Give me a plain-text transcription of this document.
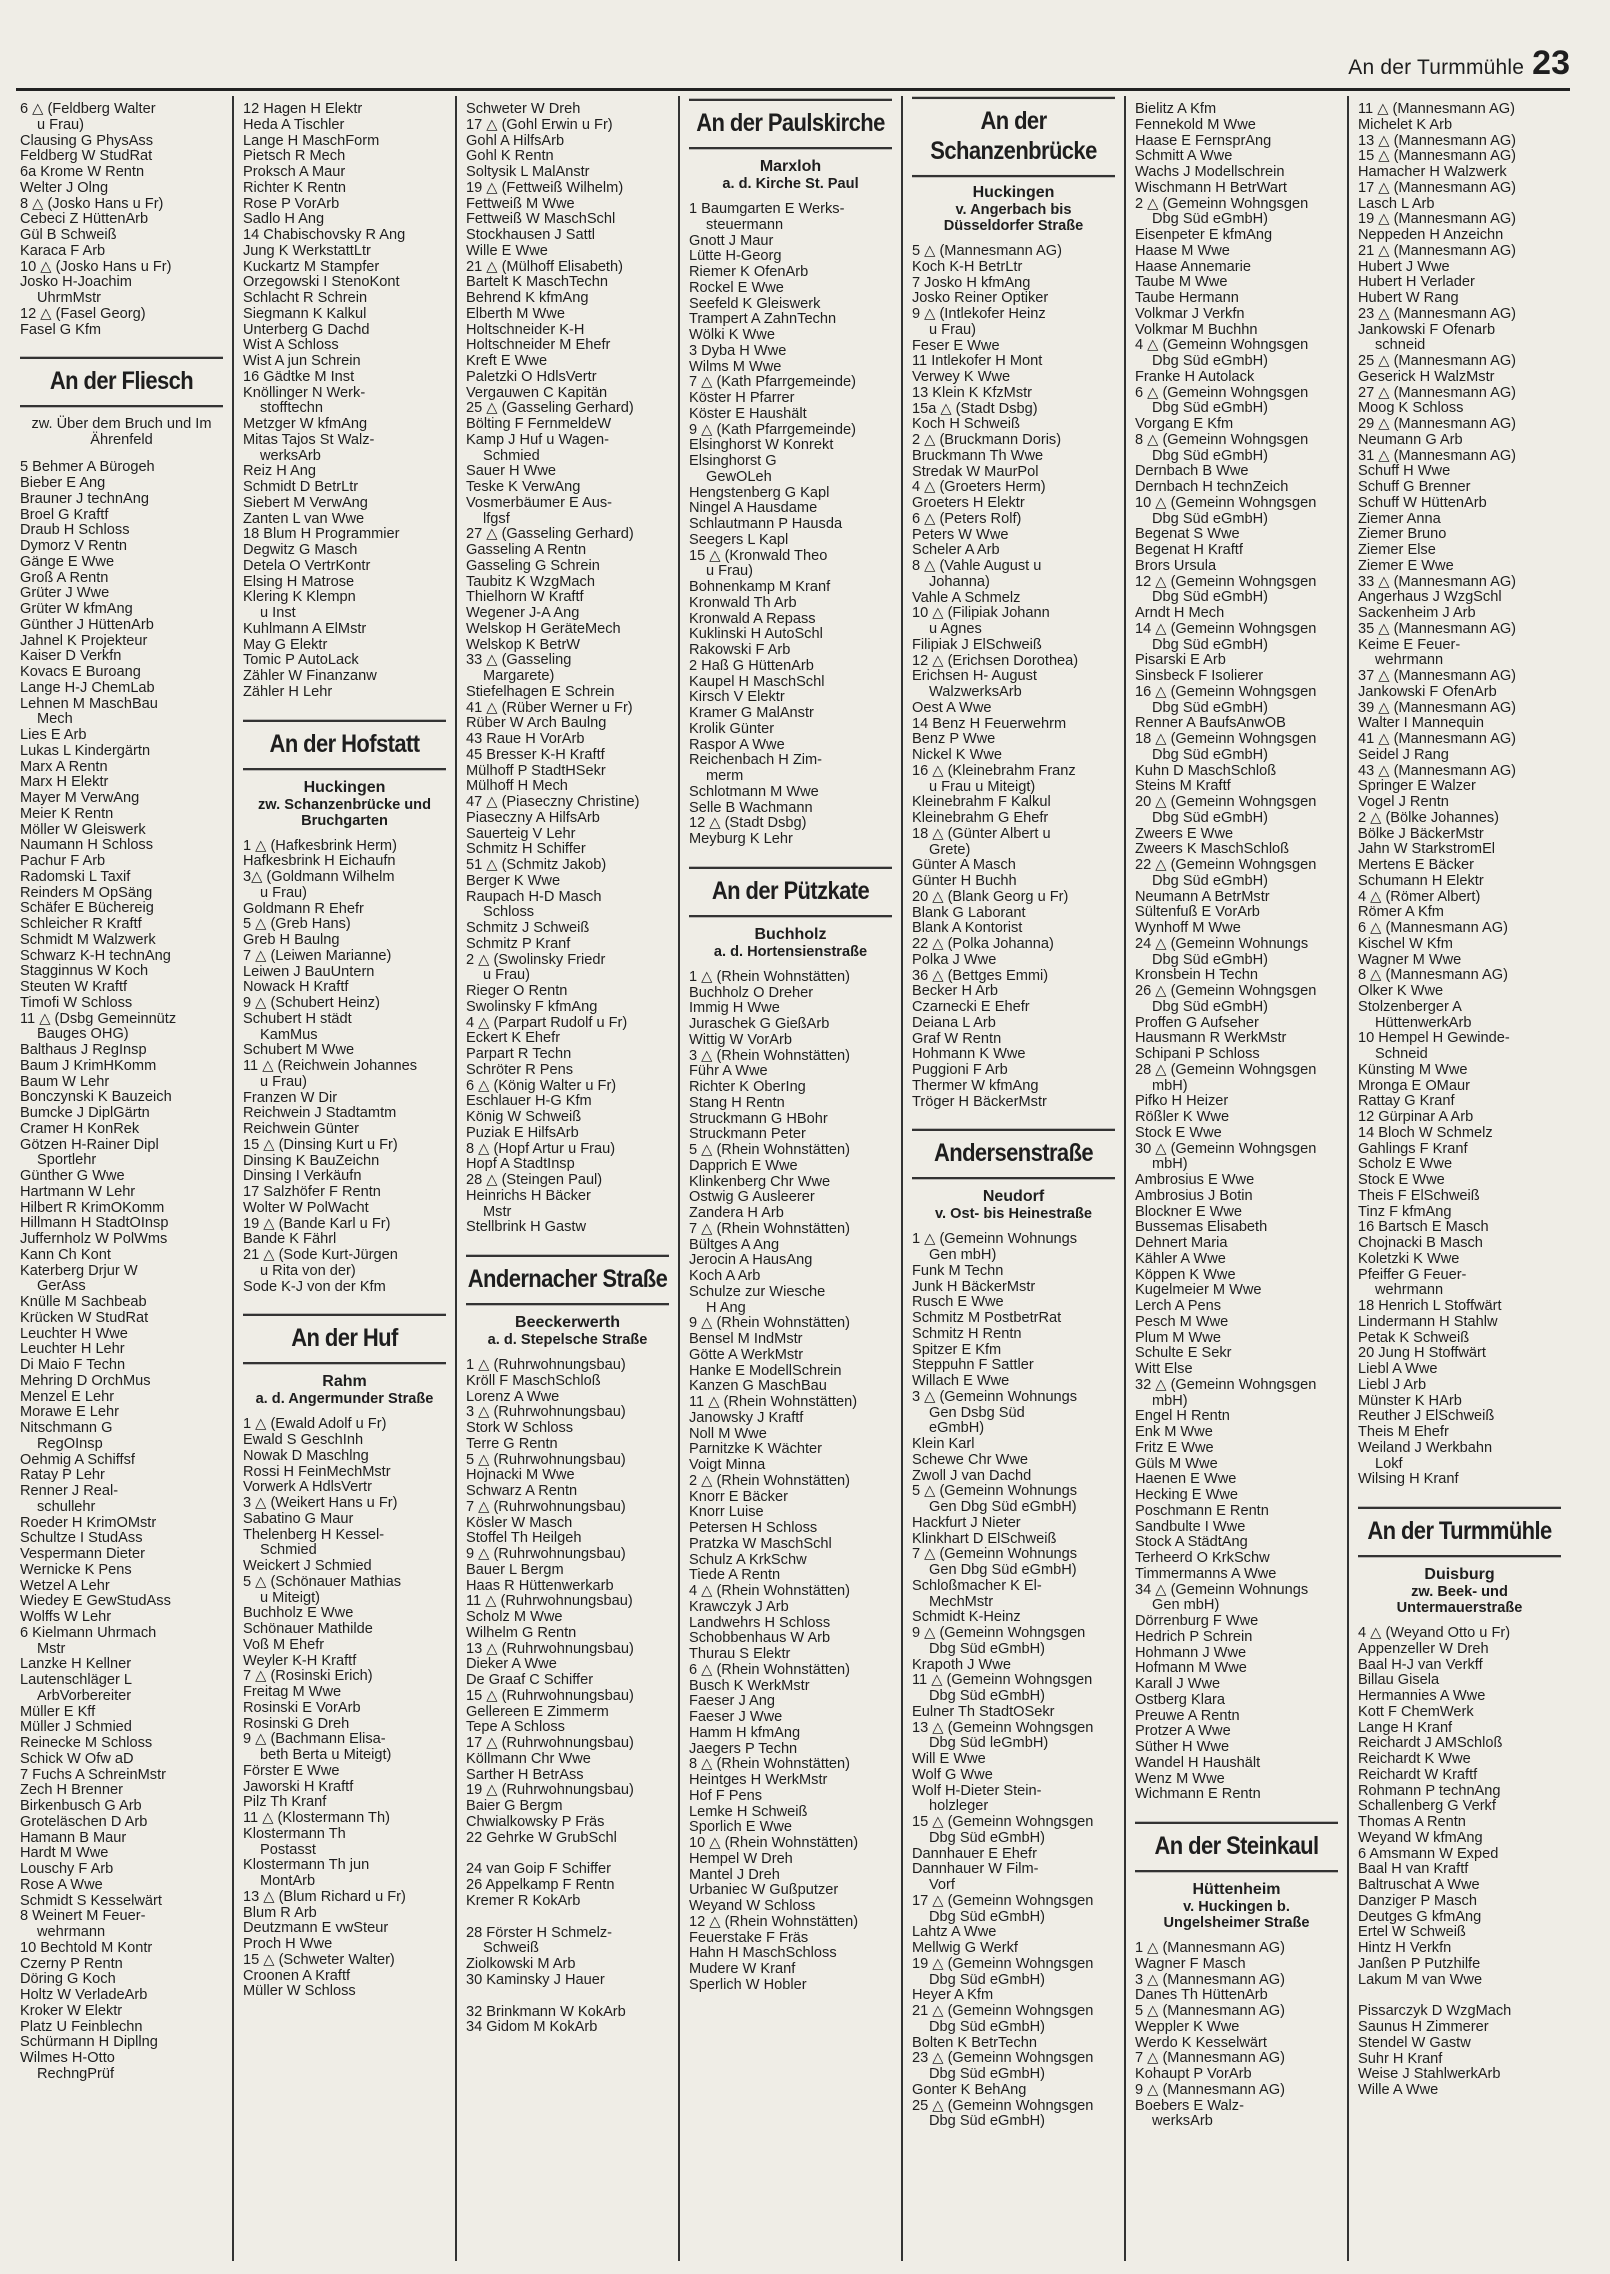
An der Turmmühle 23
6 △ (Feldberg Walter
u Frau)
Clausing G PhysAss
Feldberg W StudRat
6a Krome W Rentn
Welter J Olng
8 △ (Josko Hans u Fr)
Cebeci Z HüttenArb
Gül B Schweiß
Karaca F Arb
10 △ (Josko Hans u Fr)
Josko H-Joachim
UhrmMstr
12 △ (Fasel Georg)
Fasel G Kfm
An der Fliesch
zw. Über dem Bruch und Im Ährenfeld
5 Behmer A Bürogeh
Bieber E Ang
Brauner J technAng
Broel G Kraftf
Draub H Schloss
Dymorz V Rentn
Gänge E Wwe
Groß A Rentn
Grüter J Wwe
Grüter W kfmAng
Günther J HüttenArb
Jahnel K Projekteur
Kaiser D Verkfn
Kovacs E Buroang
Lange H-J ChemLab
Lehnen M MaschBau
Mech
Lies E Arb
Lukas L Kindergärtn
Marx A Rentn
Marx H Elektr
Mayer M VerwAng
Meier K Rentn
Möller W Gleiswerk
Naumann H Schloss
Pachur F Arb
Radomski L Taxif
Reinders M OpSäng
Schäfer E Büchereig
Schleicher R Kraftf
Schmidt M Walzwerk
Schwarz K-H technAng
Stagginnus W Koch
Steuten W Kraftf
Timofi W Schloss
11 △ (Dsbg Gemeinnütz
Bauges OHG)
Balthaus J RegInsp
Baum J KrimHKomm
Baum W Lehr
Bonczynski K Bauzeich
Bumcke J DiplGärtn
Cramer H KonRek
Götzen H-Rainer Dipl
Sportlehr
Günther G Wwe
Hartmann W Lehr
Hilbert R KrimOKomm
Hillmann H StadtOInsp
Juffernholz W PolWms
Kann Ch Kont
Katerberg Drjur W
GerAss
Knülle M Sachbeab
Krücken W StudRat
Leuchter H Wwe
Leuchter H Lehr
Di Maio F Techn
Mehring D OrchMus
Menzel E Lehr
Morawe E Lehr
Nitschmann G
RegOInsp
Oehmig A Schiffsf
Ratay P Lehr
Renner J Real-
schullehr
Roeder H KrimOMstr
Schultze I StudAss
Vespermann Dieter
Wernicke K Pens
Wetzel A Lehr
Wiedey E GewStudAss
Wolffs W Lehr
6 Kielmann Uhrmach
Mstr
Lanzke H Kellner
Lautenschläger L
ArbVorbereiter
Müller E Kff
Müller J Schmied
Reinecke M Schloss
Schick W Ofw aD
7 Fuchs A SchreinMstr
Zech H Brenner
Birkenbusch G Arb
Groteläschen D Arb
Hamann B Maur
Hardt M Wwe
Louschy F Arb
Rose A Wwe
Schmidt S Kesselwärt
8 Weinert M Feuer-
wehrmann
10 Bechtold M Kontr
Czerny P Rentn
Döring G Koch
Holtz W VerladeArb
Kroker W Elektr
Platz U Feinblechn
Schürmann H Dipllng
Wilmes H-Otto
RechngPrüf
12 Hagen H Elektr
Heda A Tischler
Lange H MaschForm
Pietsch R Mech
Proksch A Maur
Richter K Rentn
Rose P VorArb
Sadlo H Ang
14 Chabischovsky R Ang
Jung K WerkstattLtr
Kuckartz M Stampfer
Orzegowski I StenoKont
Schlacht R Schrein
Siegmann K Kalkul
Unterberg G Dachd
Wist A Schloss
Wist A jun Schrein
16 Gädtke M Inst
Knöllinger N Werk-
stofftechn
Metzger W kfmAng
Mitas Tajos St Walz-
werksArb
Reiz H Ang
Schmidt D BetrLtr
Siebert M VerwAng
Zanten L van Wwe
18 Blum H Programmier
Degwitz G Masch
Detela O VertrKontr
Elsing H Matrose
Klering K Klempn
u Inst
Kuhlmann A ElMstr
May G Elektr
Tomic P AutoLack
Zähler W Finanzanw
Zähler H Lehr
An der Hofstatt
Huckingen
zw. Schanzenbrücke und Bruchgarten
1 △ (Hafkesbrink Herm)
Hafkesbrink H Eichaufn
3△ (Goldmann Wilhelm
u Frau)
Goldmann R Ehefr
5 △ (Greb Hans)
Greb H Baulng
7 △ (Leiwen Marianne)
Leiwen J BauUntern
Nowack H Kraftf
9 △ (Schubert Heinz)
Schubert H städt
KamMus
Schubert M Wwe
11 △ (Reichwein Johannes
u Frau)
Franzen W Dir
Reichwein J Stadtamtm
Reichwein Günter
15 △ (Dinsing Kurt u Fr)
Dinsing K BauZeichn
Dinsing I Verkäufn
17 Salzhöfer F Rentn
Wolter W PolWacht
19 △ (Bande Karl u Fr)
Bande K Fährl
21 △ (Sode Kurt-Jürgen
u Rita von der)
Sode K-J von der Kfm
An der Huf
Rahm
a. d. Angermunder Straße
1 △ (Ewald Adolf u Fr)
Ewald S GeschInh
Nowak D Maschlng
Rossi H FeinMechMstr
Vorwerk A HdlsVertr
3 △ (Weikert Hans u Fr)
Sabatino G Maur
Thelenberg H Kessel-
Schmied
Weickert J Schmied
5 △ (Schönauer Mathias
u Miteigt)
Buchholz E Wwe
Schönauer Mathilde
Voß M Ehefr
Weyler K-H Kraftf
7 △ (Rosinski Erich)
Freitag M Wwe
Rosinski E VorArb
Rosinski G Dreh
9 △ (Bachmann Elisa-
beth Berta u Miteigt)
Förster E Wwe
Jaworski H Kraftf
Pilz Th Kranf
11 △ (Klostermann Th)
Klostermann Th
Postasst
Klostermann Th jun
MontArb
13 △ (Blum Richard u Fr)
Blum R Arb
Deutzmann E vwSteur
Proch H Wwe
15 △ (Schweter Walter)
Croonen A Kraftf
Müller W Schloss
Schweter W Dreh
17 △ (Gohl Erwin u Fr)
Gohl A HilfsArb
Gohl K Rentn
Soltysik L MalAnstr
19 △ (Fettweiß Wilhelm)
Fettweiß M Wwe
Fettweiß W MaschSchl
Stockhausen J Sattl
Wille E Wwe
21 △ (Mülhoff Elisabeth)
Bartelt K MaschTechn
Behrend K kfmAng
Elberth M Wwe
Holtschneider K-H
Holtschneider M Ehefr
Kreft E Wwe
Paletzki O HdlsVertr
Vergauwen C Kapitän
25 △ (Gasseling Gerhard)
Bölting F FernmeldeW
Kamp J Huf u Wagen-
Schmied
Sauer H Wwe
Teske K VerwAng
Vosmerbäumer E Aus-
lfgsf
27 △ (Gasseling Gerhard)
Gasseling A Rentn
Gasseling G Schrein
Taubitz K WzgMach
Thielhorn W Kraftf
Wegener J-A Ang
Welskop H GeräteMech
Welskop K BetrW
33 △ (Gasseling
Margarete)
Stiefelhagen E Schrein
41 △ (Rüber Werner u Fr)
Rüber W Arch Baulng
43 Raue H VorArb
45 Bresser K-H Kraftf
Mülhoff P StadtHSekr
Mülhoff H Mech
47 △ (Piaseczny Christine)
Piaseczny A HilfsArb
Sauerteig V Lehr
Schmitz H Schiffer
51 △ (Schmitz Jakob)
Berger K Wwe
Raupach H-D Masch
Schloss
Schmitz J Schweiß
Schmitz P Kranf
2 △ (Swolinsky Friedr
u Frau)
Rieger O Rentn
Swolinsky F kfmAng
4 △ (Parpart Rudolf u Fr)
Eckert K Ehefr
Parpart R Techn
Schröter R Pens
6 △ (König Walter u Fr)
Eschlauer H-G Kfm
König W Schweiß
Puziak E HilfsArb
8 △ (Hopf Artur u Frau)
Hopf A StadtInsp
28 △ (Steingen Paul)
Heinrichs H Bäcker
Mstr
Stellbrink H Gastw
Andernacher Straße
Beeckerwerth
a. d. Stepelsche Straße
1 △ (Ruhrwohnungsbau)
Kröll F MaschSchloß
Lorenz A Wwe
3 △ (Ruhrwohnungsbau)
Stork W Schloss
Terre G Rentn
5 △ (Ruhrwohnungsbau)
Hojnacki M Wwe
Schwarz A Rentn
7 △ (Ruhrwohnungsbau)
Kösler W Masch
Stoffel Th Heilgeh
9 △ (Ruhrwohnungsbau)
Bauer L Bergm
Haas R Hüttenwerkarb
11 △ (Ruhrwohnungsbau)
Scholz M Wwe
Wilhelm G Rentn
13 △ (Ruhrwohnungsbau)
Dieker A Wwe
De Graaf C Schiffer
15 △ (Ruhrwohnungsbau)
Gellereen E Zimmerm
Tepe A Schloss
17 △ (Ruhrwohnungsbau)
Köllmann Chr Wwe
Sarther H BetrAss
19 △ (Ruhrwohnungsbau)
Baier G Bergm
Chwialkowsky P Fräs
22 Gehrke W GrubSchl
24 van Goip F Schiffer
26 Appelkamp F Rentn
Kremer R KokArb
28 Förster H Schmelz-
Schweiß
Ziolkowski M Arb
30 Kaminsky J Hauer
32 Brinkmann W KokArb
34 Gidom M KokArb
An der Paulskirche
Marxloh
a. d. Kirche St. Paul
1 Baumgarten E Werks-
steuermann
Gnott J Maur
Lütte H-Georg
Riemer K OfenArb
Rockel E Wwe
Seefeld K Gleiswerk
Trampert A ZahnTechn
Wölki K Wwe
3 Dyba H Wwe
Wilms M Wwe
7 △ (Kath Pfarrgemeinde)
Köster H Pfarrer
Köster E Haushält
9 △ (Kath Pfarrgemeinde)
Elsinghorst W Konrekt
Elsinghorst G
GewOLeh
Hengstenberg G Kapl
Ningel A Hausdame
Schlautmann P Hausda
Seegers L Kapl
15 △ (Kronwald Theo
u Frau)
Bohnenkamp M Kranf
Kronwald Th Arb
Kronwald A Repass
Kuklinski H AutoSchl
Rakowski F Arb
2 Haß G HüttenArb
Kaupel H MaschSchl
Kirsch V Elektr
Kramer G MalAnstr
Krolik Günter
Raspor A Wwe
Reichenbach H Zim-
merm
Schlotmann M Wwe
Selle B Wachmann
12 △ (Stadt Dsbg)
Meyburg K Lehr
An der Pützkate
Buchholz
a. d. Hortensienstraße
1 △ (Rhein Wohnstätten)
Buchholz O Dreher
Immig H Wwe
Juraschek G GießArb
Wittig W VorArb
3 △ (Rhein Wohnstätten)
Führ A Wwe
Richter K OberIng
Stang H Rentn
Struckmann G HBohr
Struckmann Peter
5 △ (Rhein Wohnstätten)
Dapprich E Wwe
Klinkenberg Chr Wwe
Ostwig G Ausleerer
Zandera H Arb
7 △ (Rhein Wohnstätten)
Bültges A Ang
Jerocin A HausAng
Koch A Arb
Schulze zur Wiesche
H Ang
9 △ (Rhein Wohnstätten)
Bensel M IndMstr
Götte A WerkMstr
Hanke E ModellSchrein
Kanzen G MaschBau
11 △ (Rhein Wohnstätten)
Janowsky J Kraftf
Noll M Wwe
Parnitzke K Wächter
Voigt Minna
2 △ (Rhein Wohnstätten)
Knorr E Bäcker
Knorr Luise
Petersen H Schloss
Pratzka W MaschSchl
Schulz A KrkSchw
Tiede A Rentn
4 △ (Rhein Wohnstätten)
Krawczyk J Arb
Landwehrs H Schloss
Schobbenhaus W Arb
Thurau S Elektr
6 △ (Rhein Wohnstätten)
Busch K WerkMstr
Faeser J Ang
Faeser J Wwe
Hamm H kfmAng
Jaegers P Techn
8 △ (Rhein Wohnstätten)
Heintges H WerkMstr
Hof F Pens
Lemke H Schweiß
Sporlich E Wwe
10 △ (Rhein Wohnstätten)
Hempel W Dreh
Mantel J Dreh
Urbaniec W Gußputzer
Weyand W Schloss
12 △ (Rhein Wohnstätten)
Feuerstake F Fräs
Hahn H MaschSchloss
Mudere W Kranf
Sperlich W Hobler
An der Schanzenbrücke
Huckingen
v. Angerbach bis Düsseldorfer Straße
5 △ (Mannesmann AG)
Koch K-H BetrLtr
7 Josko H kfmAng
Josko Reiner Optiker
9 △ (Intlekofer Heinz
u Frau)
Feser E Wwe
11 Intlekofer H Mont
Verwey K Wwe
13 Klein K KfzMstr
15a △ (Stadt Dsbg)
Koch H Schweiß
2 △ (Bruckmann Doris)
Bruckmann Th Wwe
Stredak W MaurPol
4 △ (Groeters Herm)
Groeters H Elektr
6 △ (Peters Rolf)
Peters W Wwe
Scheler A Arb
8 △ (Vahle August u
Johanna)
Vahle A Schmelz
10 △ (Filipiak Johann
u Agnes
Filipiak J ElSchweiß
12 △ (Erichsen Dorothea)
Erichsen H- August
WalzwerksArb
Oest A Wwe
14 Benz H Feuerwehrm
Benz P Wwe
Nickel K Wwe
16 △ (Kleinebrahm Franz
u Frau u Miteigt)
Kleinebrahm F Kalkul
Kleinebrahm G Ehefr
18 △ (Günter Albert u
Grete)
Günter A Masch
Günter H Buchh
20 △ (Blank Georg u Fr)
Blank G Laborant
Blank A Kontorist
22 △ (Polka Johanna)
Polka J Wwe
36 △ (Bettges Emmi)
Becker H Arb
Czarnecki E Ehefr
Deiana L Arb
Graf W Rentn
Hohmann K Wwe
Puggioni F Arb
Thermer W kfmAng
Tröger H BäckerMstr
Andersenstraße
Neudorf
v. Ost- bis Heinestraße
1 △ (Gemeinn Wohnungs
Gen mbH)
Funk M Techn
Junk H BäckerMstr
Rusch E Wwe
Schmitz M PostbetrRat
Schmitz H Rentn
Spitzer E Kfm
Steppuhn F Sattler
Willach E Wwe
3 △ (Gemeinn Wohnungs
Gen Dsbg Süd
eGmbH)
Klein Karl
Schewe Chr Wwe
Zwoll J van Dachd
5 △ (Gemeinn Wohnungs
Gen Dbg Süd eGmbH)
Hackfurt J Nieter
Klinkhart D ElSchweiß
7 △ (Gemeinn Wohnungs
Gen Dbg Süd eGmbH)
Schloßmacher K El-
MechMstr
Schmidt K-Heinz
9 △ (Gemeinn Wohngsgen
Dbg Süd eGmbH)
Krapoth J Wwe
11 △ (Gemeinn Wohngsgen
Dbg Süd eGmbH)
Eulner Th StadtOSekr
13 △ (Gemeinn Wohngsgen
Dbg Süd leGmbH)
Will E Wwe
Wolf G Wwe
Wolf H-Dieter Stein-
holzleger
15 △ (Gemeinn Wohngsgen
Dbg Süd eGmbH)
Dannhauer E Ehefr
Dannhauer W Film-
Vorf
17 △ (Gemeinn Wohngsgen
Dbg Süd eGmbH)
Lahtz A Wwe
Mellwig G Werkf
19 △ (Gemeinn Wohngsgen
Dbg Süd eGmbH)
Heyer A Kfm
21 △ (Gemeinn Wohngsgen
Dbg Süd eGmbH)
Bolten K BetrTechn
23 △ (Gemeinn Wohngsgen
Dbg Süd eGmbH)
Gonter K BehAng
25 △ (Gemeinn Wohngsgen
Dbg Süd eGmbH)
Bielitz A Kfm
Fennekold M Wwe
Haase E FernsprAng
Schmitt A Wwe
Wachs J Modellschrein
Wischmann H BetrWart
2 △ (Gemeinn Wohngsgen
Dbg Süd eGmbH)
Eisenpeter E kfmAng
Haase M Wwe
Haase Annemarie
Taube M Wwe
Taube Hermann
Volkmar J Verkfn
Volkmar M Buchhn
4 △ (Gemeinn Wohngsgen
Dbg Süd eGmbH)
Franke H Autolack
6 △ (Gemeinn Wohngsgen
Dbg Süd eGmbH)
Vorgang E Kfm
8 △ (Gemeinn Wohngsgen
Dbg Süd eGmbH)
Dernbach B Wwe
Dernbach H technZeich
10 △ (Gemeinn Wohngsgen
Dbg Süd eGmbH)
Begenat S Wwe
Begenat H Kraftf
Brors Ursula
12 △ (Gemeinn Wohngsgen
Dbg Süd eGmbH)
Arndt H Mech
14 △ (Gemeinn Wohngsgen
Dbg Süd eGmbH)
Pisarski E Arb
Sinsbeck F Isolierer
16 △ (Gemeinn Wohngsgen
Dbg Süd eGmbH)
Renner A BaufsAnwOB
18 △ (Gemeinn Wohngsgen
Dbg Süd eGmbH)
Kuhn D MaschSchloß
Steins M Kraftf
20 △ (Gemeinn Wohngsgen
Dbg Süd eGmbH)
Zweers E Wwe
Zweers K MaschSchloß
22 △ (Gemeinn Wohngsgen
Dbg Süd eGmbH)
Neumann A BetrMstr
Sültenfuß E VorArb
Wynhoff M Wwe
24 △ (Gemeinn Wohnungs
Dbg Süd eGmbH)
Kronsbein H Techn
26 △ (Gemeinn Wohngsgen
Dbg Süd eGmbH)
Proffen G Aufseher
Hausmann R WerkMstr
Schipani P Schloss
28 △ (Gemeinn Wohngsgen
mbH)
Pifko H Heizer
Rößler K Wwe
Stock E Wwe
30 △ (Gemeinn Wohngsgen
mbH)
Ambrosius E Wwe
Ambrosius J Botin
Blockner E Wwe
Bussemas Elisabeth
Dehnert Maria
Kähler A Wwe
Köppen K Wwe
Kugelmeier M Wwe
Lerch A Pens
Pesch M Wwe
Plum M Wwe
Schulte E Sekr
Witt Else
32 △ (Gemeinn Wohngsgen
mbH)
Engel H Rentn
Enk M Wwe
Fritz E Wwe
Güls M Wwe
Haenen E Wwe
Hecking E Wwe
Poschmann E Rentn
Sandbulte I Wwe
Stock A StädtAng
Terheerd O KrkSchw
Timmermanns A Wwe
34 △ (Gemeinn Wohnungs
Gen mbH)
Dörrenburg F Wwe
Hedrich P Schrein
Hohmann J Wwe
Hofmann M Wwe
Karall J Wwe
Ostberg Klara
Preuwe A Rentn
Protzer A Wwe
Süther H Wwe
Wandel H Haushält
Wenz M Wwe
Wichmann E Rentn
An der Steinkaul
Hüttenheim
v. Huckingen b. Ungelsheimer Straße
1 △ (Mannesmann AG)
Wagner F Masch
3 △ (Mannesmann AG)
Danes Th HüttenArb
5 △ (Mannesmann AG)
Weppler K Wwe
Werdo K Kesselwärt
7 △ (Mannesmann AG)
Kohaupt P VorArb
9 △ (Mannesmann AG)
Boebers E Walz-
werksArb
11 △ (Mannesmann AG)
Michelet K Arb
13 △ (Mannesmann AG)
15 △ (Mannesmann AG)
Hamacher H Walzwerk
17 △ (Mannesmann AG)
Lasch L Arb
19 △ (Mannesmann AG)
Neppeden H Anzeichn
21 △ (Mannesmann AG)
Hubert J Wwe
Hubert H Verlader
Hubert W Rang
23 △ (Mannesmann AG)
Jankowski F Ofenarb
schneid
25 △ (Mannesmann AG)
Geserick H WalzMstr
27 △ (Mannesmann AG)
Moog K Schloss
29 △ (Mannesmann AG)
Neumann G Arb
31 △ (Mannesmann AG)
Schuff H Wwe
Schuff G Brenner
Schuff W HüttenArb
Ziemer Anna
Ziemer Bruno
Ziemer Else
Ziemer E Wwe
33 △ (Mannesmann AG)
Angerhaus J WzgSchl
Sackenheim J Arb
35 △ (Mannesmann AG)
Keime E Feuer-
wehrmann
37 △ (Mannesmann AG)
Jankowski F OfenArb
39 △ (Mannesmann AG)
Walter I Mannequin
41 △ (Mannesmann AG)
Seidel J Rang
43 △ (Mannesmann AG)
Springer E Walzer
Vogel J Rentn
2 △ (Bölke Johannes)
Bölke J BäckerMstr
Jahn W StarkstromEl
Mertens E Bäcker
Schumann H Elektr
4 △ (Römer Albert)
Römer A Kfm
6 △ (Mannesmann AG)
Kischel W Kfm
Wagner M Wwe
8 △ (Mannesmann AG)
Olker K Wwe
Stolzenberger A
HüttenwerkArb
10 Hempel H Gewinde-
Schneid
Künsting M Wwe
Mronga E OMaur
Rattay G Kranf
12 Gürpinar A Arb
14 Bloch W Schmelz
Gahlings F Kranf
Scholz E Wwe
Stock E Wwe
Theis F ElSchweiß
Tinz F kfmAng
16 Bartsch E Masch
Chojnacki B Masch
Koletzki K Wwe
Pfeiffer G Feuer-
wehrmann
18 Henrich L Stoffwärt
Lindermann H Stahlw
Petak K Schweiß
20 Jung H Stoffwärt
Liebl A Wwe
Liebl J Arb
Münster K HArb
Reuther J ElSchweiß
Theis M Ehefr
Weiland J Werkbahn
Lokf
Wilsing H Kranf
An der Turmmühle
Duisburg
zw. Beek- und Untermauerstraße
4 △ (Weyand Otto u Fr)
Appenzeller W Dreh
Baal H-J van Verkff
Billau Gisela
Hermannies A Wwe
Kott F ChemWerk
Lange H Kranf
Reichardt J AMSchloß
Reichardt K Wwe
Reichardt W Kraftf
Rohmann P technAng
Schallenberg G Verkf
Thomas A Rentn
Weyand W kfmAng
6 Amsmann W Exped
Baal H van Kraftf
Baltruschat A Wwe
Danziger P Masch
Deutges G kfmAng
Ertel W Schweiß
Hintz H Verkfn
Janßen P Putzhilfe
Lakum M van Wwe
Pissarczyk D WzgMach
Saunus H Zimmerer
Stendel W Gastw
Suhr H Kranf
Weise J StahlwerkArb
Wille A Wwe
